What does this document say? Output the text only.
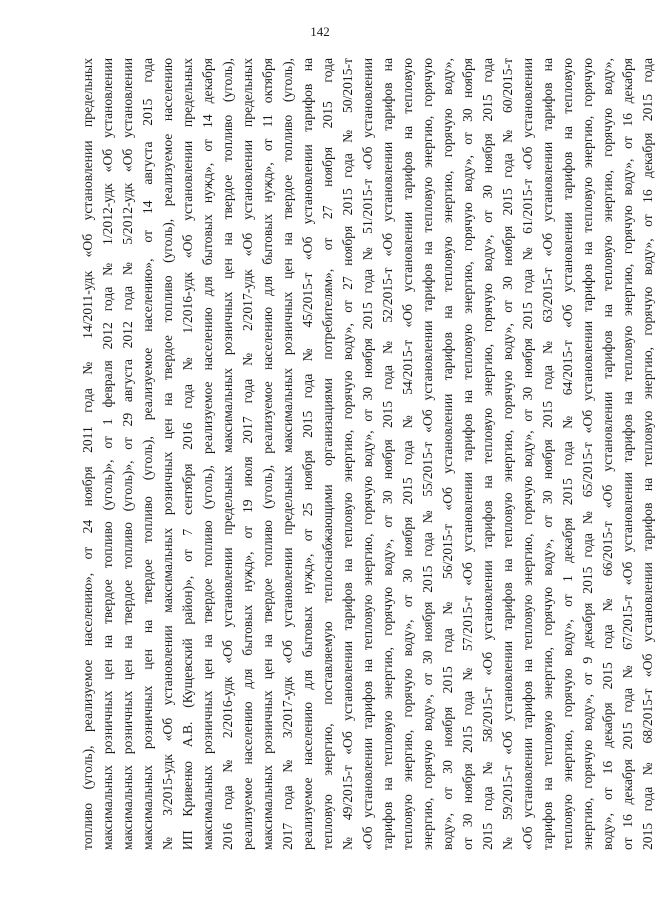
142
топливо (уголь), реализуемое населению», от 24 ноября 2011 года № 14/2011-удк «Об установлении предельных максимальных розничных цен на твердое топливо (уголь)», от 1 февраля 2012 года № 1/2012-удк «Об установлении максимальных розничных цен на твердое топливо (уголь)», от 29 августа 2012 года № 5/2012-удк «Об установлении максимальных розничных цен на твердое топливо (уголь), реализуемое населению», от 14 августа 2015 года № 3/2015-удк «Об установлении максимальных розничных цен на твердое топливо (уголь), реализуемое населению ИП Кривенко А.В. (Кущевский район)», от 7 сентября 2016 года № 1/2016-удк «Об установлении предельных максимальных розничных цен на твердое топливо (уголь), реализуемое населению для бытовых нужд», от 14 декабря 2016 года № 2/2016-удк «Об установлении предельных максимальных розничных цен на твердое топливо (уголь), реализуемое населению для бытовых нужд», от 19 июля 2017 года № 2/2017-удк «Об установлении предельных максимальных розничных цен на твердое топливо (уголь), реализуемое населению для бытовых нужд», от 11 октября 2017 года № 3/2017-удк «Об установлении предельных максимальных розничных цен на твердое топливо (уголь), реализуемое населению для бытовых нужд», от 25 ноября 2015 года № 45/2015-т «Об установлении тарифов на тепловую энергию, поставляемую теплоснабжающими организациями потребителям», от 27 ноября 2015 года № 49/2015-т «Об установлении тарифов на тепловую энергию, горячую воду», от 27 ноября 2015 года № 50/2015-т «Об установлении тарифов на тепловую энергию, горячую воду», от 30 ноября 2015 года № 51/2015-т «Об установлении тарифов на тепловую энергию, горячую воду», от 30 ноября 2015 года № 52/2015-т «Об установлении тарифов на тепловую энергию, горячую воду», от 30 ноября 2015 года № 54/2015-т «Об установлении тарифов на тепловую энергию, горячую воду», от 30 ноября 2015 года № 55/2015-т «Об установлении тарифов на тепловую энергию, горячую воду», от 30 ноября 2015 года № 56/2015-т «Об установлении тарифов на тепловую энергию, горячую воду», от 30 ноября 2015 года № 57/2015-т «Об установлении тарифов на тепловую энергию, горячую воду», от 30 ноября 2015 года № 58/2015-т «Об установлении тарифов на тепловую энергию, горячую воду», от 30 ноября 2015 года № 59/2015-т «Об установлении тарифов на тепловую энергию, горячую воду», от 30 ноября 2015 года № 60/2015-т «Об установлении тарифов на тепловую энергию, горячую воду», от 30 ноября 2015 года № 61/2015-т «Об установлении тарифов на тепловую энергию, горячую воду», от 30 ноября 2015 года № 63/2015-т «Об установлении тарифов на тепловую энергию, горячую воду», от 1 декабря 2015 года № 64/2015-т «Об установлении тарифов на тепловую энергию, горячую воду», от 9 декабря 2015 года № 65/2015-т «Об установлении тарифов на тепловую энергию, горячую воду», от 16 декабря 2015 года № 66/2015-т «Об установлении тарифов на тепловую энергию, горячую воду», от 16 декабря 2015 года № 67/2015-т «Об установлении тарифов на тепловую энергию, горячую воду», от 16 декабря 2015 года № 68/2015-т «Об установлении тарифов на тепловую энергию, горячую воду», от 16 декабря 2015 года
